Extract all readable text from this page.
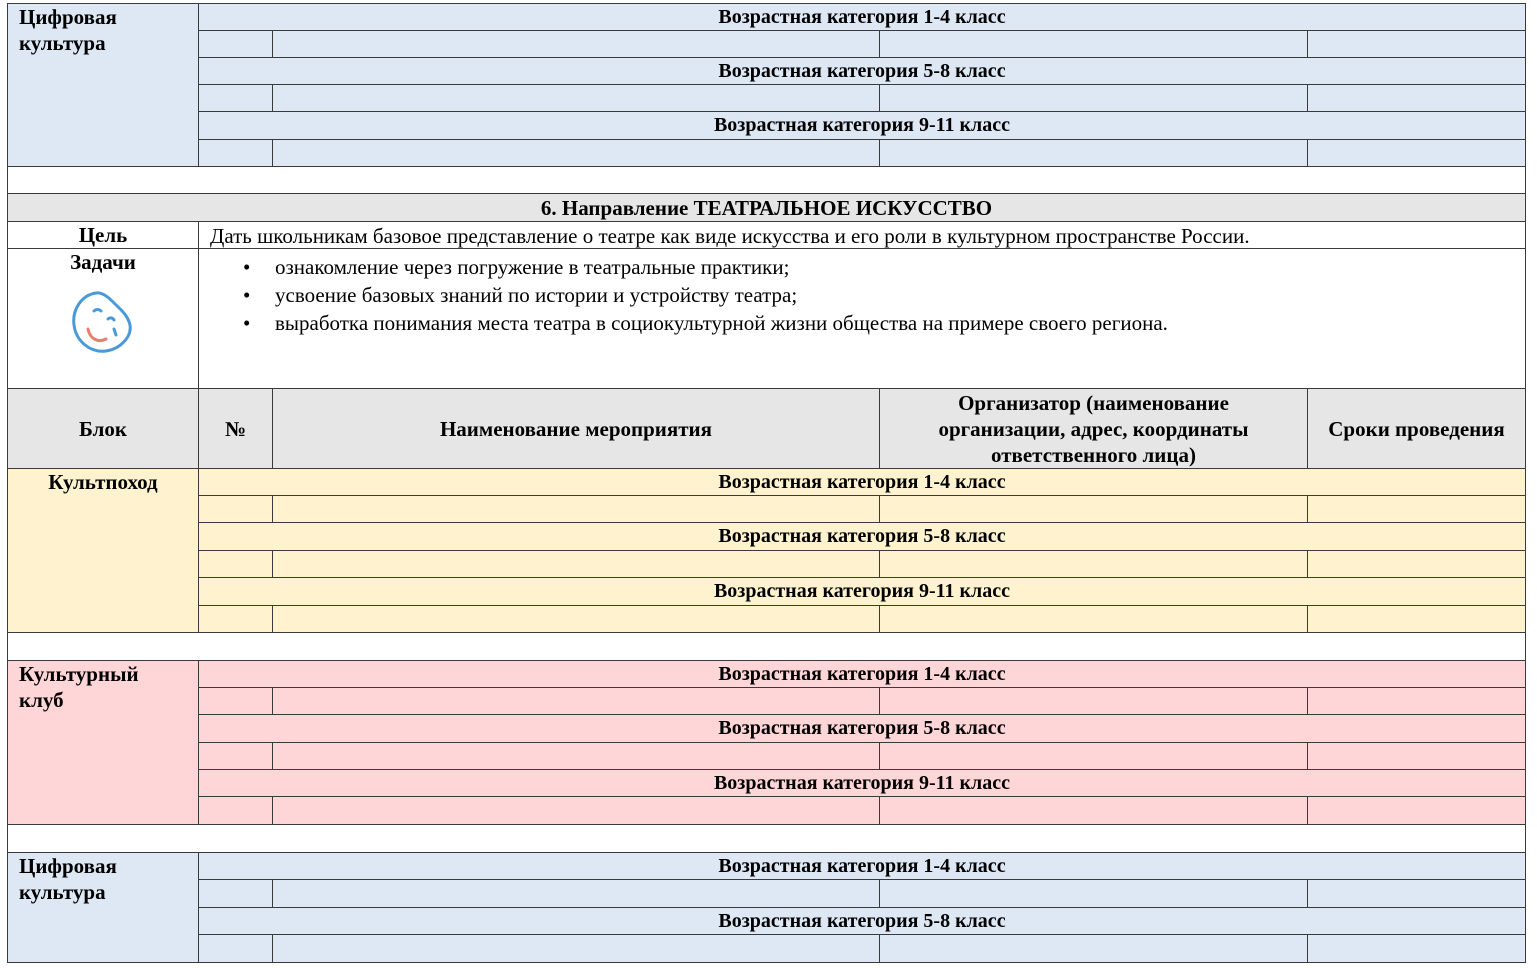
Цифровая культура
Возрастная категория 1-4 класс
Возрастная категория 5-8 класс
Возрастная категория 9-11 класс
6. Направление ТЕАТРАЛЬНОЕ ИСКУССТВО
Цель	Дать школьникам базовое представление о театре как виде искусства и его роли в культурном пространстве России.
Задачи
•	ознакомление через погружение в театральные практики;
• усвоение базовых знаний по истории и устройству театра;
• выработка понимания места театра в социокультурной жизни общества на примере своего региона.
Блок	№	Наименование мероприятия
Организатор (наименование организации, адрес, координаты ответственного лица)
Сроки проведения
Культпоход	Возрастная категория 1-4 класс
Возрастная категория 5-8 класс
Возрастная категория 9-11 класс
Культурный клуб
Возрастная категория 1-4 класс
Возрастная категория 5-8 класс
Возрастная категория 9-11 класс
Цифровая культура
Возрастная категория 1-4 класс
Возрастная категория 5-8 класс
